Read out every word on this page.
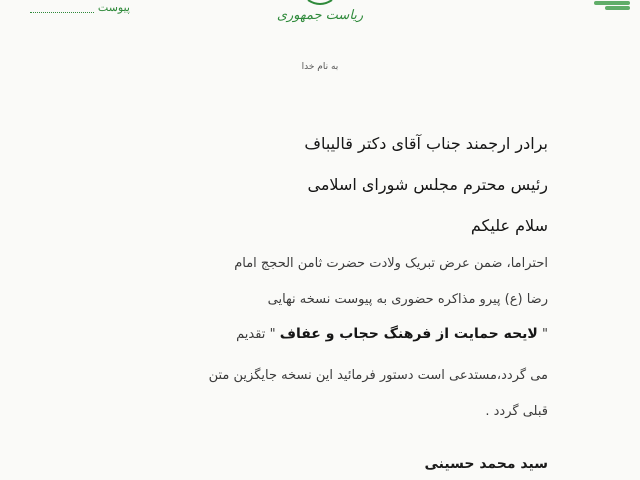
پیوست
ریاست جمهوری
به نام خدا
برادر ارجمند جناب آقای دکتر قالیباف
رئیس محترم مجلس شورای اسلامی
سلام علیکم
احتراما، ضمن عرض تبریک ولادت حضرت ثامن الحجج امام
رضا (ع) پیرو مذاکره حضوری به پیوست نسخه نهایی
" لایحه حمایت از فرهنگ حجاب و عفاف " تقدیم
می گردد،مستدعی است دستور فرمائید این نسخه جایگزین متن
قبلی گردد .
سید محمد حسینی
